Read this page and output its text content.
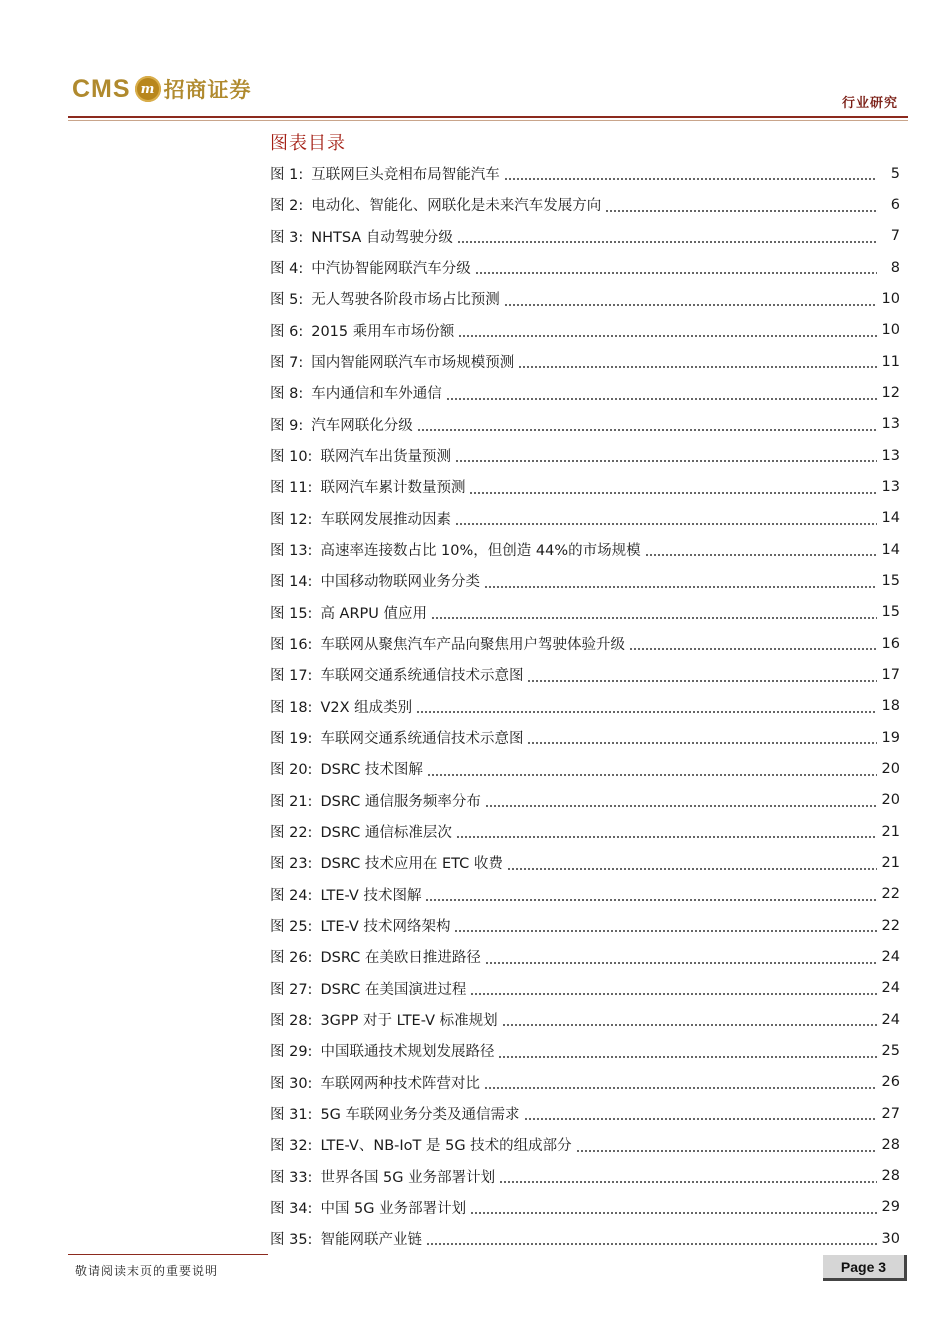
CMS m 招商证券
行业研究
图表目录
图 1: 互联网巨头竞相布局智能汽车	5
图 2: 电动化、智能化、网联化是未来汽车发展方向	6
图 3: NHTSA 自动驾驶分级	7
图 4: 中汽协智能网联汽车分级	8
图 5: 无人驾驶各阶段市场占比预测	10
图 6: 2015 乘用车市场份额	10
图 7: 国内智能网联汽车市场规模预测	11
图 8: 车内通信和车外通信	12
图 9: 汽车网联化分级	13
图 10: 联网汽车出货量预测	13
图 11: 联网汽车累计数量预测	13
图 12: 车联网发展推动因素	14
图 13: 高速率连接数占比 10%，但创造 44%的市场规模	14
图 14: 中国移动物联网业务分类	15
图 15: 高 ARPU 值应用	15
图 16: 车联网从聚焦汽车产品向聚焦用户驾驶体验升级	16
图 17: 车联网交通系统通信技术示意图	17
图 18: V2X 组成类别	18
图 19: 车联网交通系统通信技术示意图	19
图 20: DSRC 技术图解	20
图 21: DSRC 通信服务频率分布	20
图 22: DSRC 通信标准层次	21
图 23: DSRC 技术应用在 ETC 收费	21
图 24: LTE-V 技术图解	22
图 25: LTE-V 技术网络架构	22
图 26: DSRC 在美欧日推进路径	24
图 27: DSRC 在美国演进过程	24
图 28: 3GPP 对于 LTE-V 标准规划	24
图 29: 中国联通技术规划发展路径	25
图 30: 车联网两种技术阵营对比	26
图 31: 5G 车联网业务分类及通信需求	27
图 32: LTE-V、NB-IoT 是 5G 技术的组成部分	28
图 33: 世界各国 5G 业务部署计划	28
图 34: 中国 5G 业务部署计划	29
图 35: 智能网联产业链	30
敬请阅读末页的重要说明	Page 3
